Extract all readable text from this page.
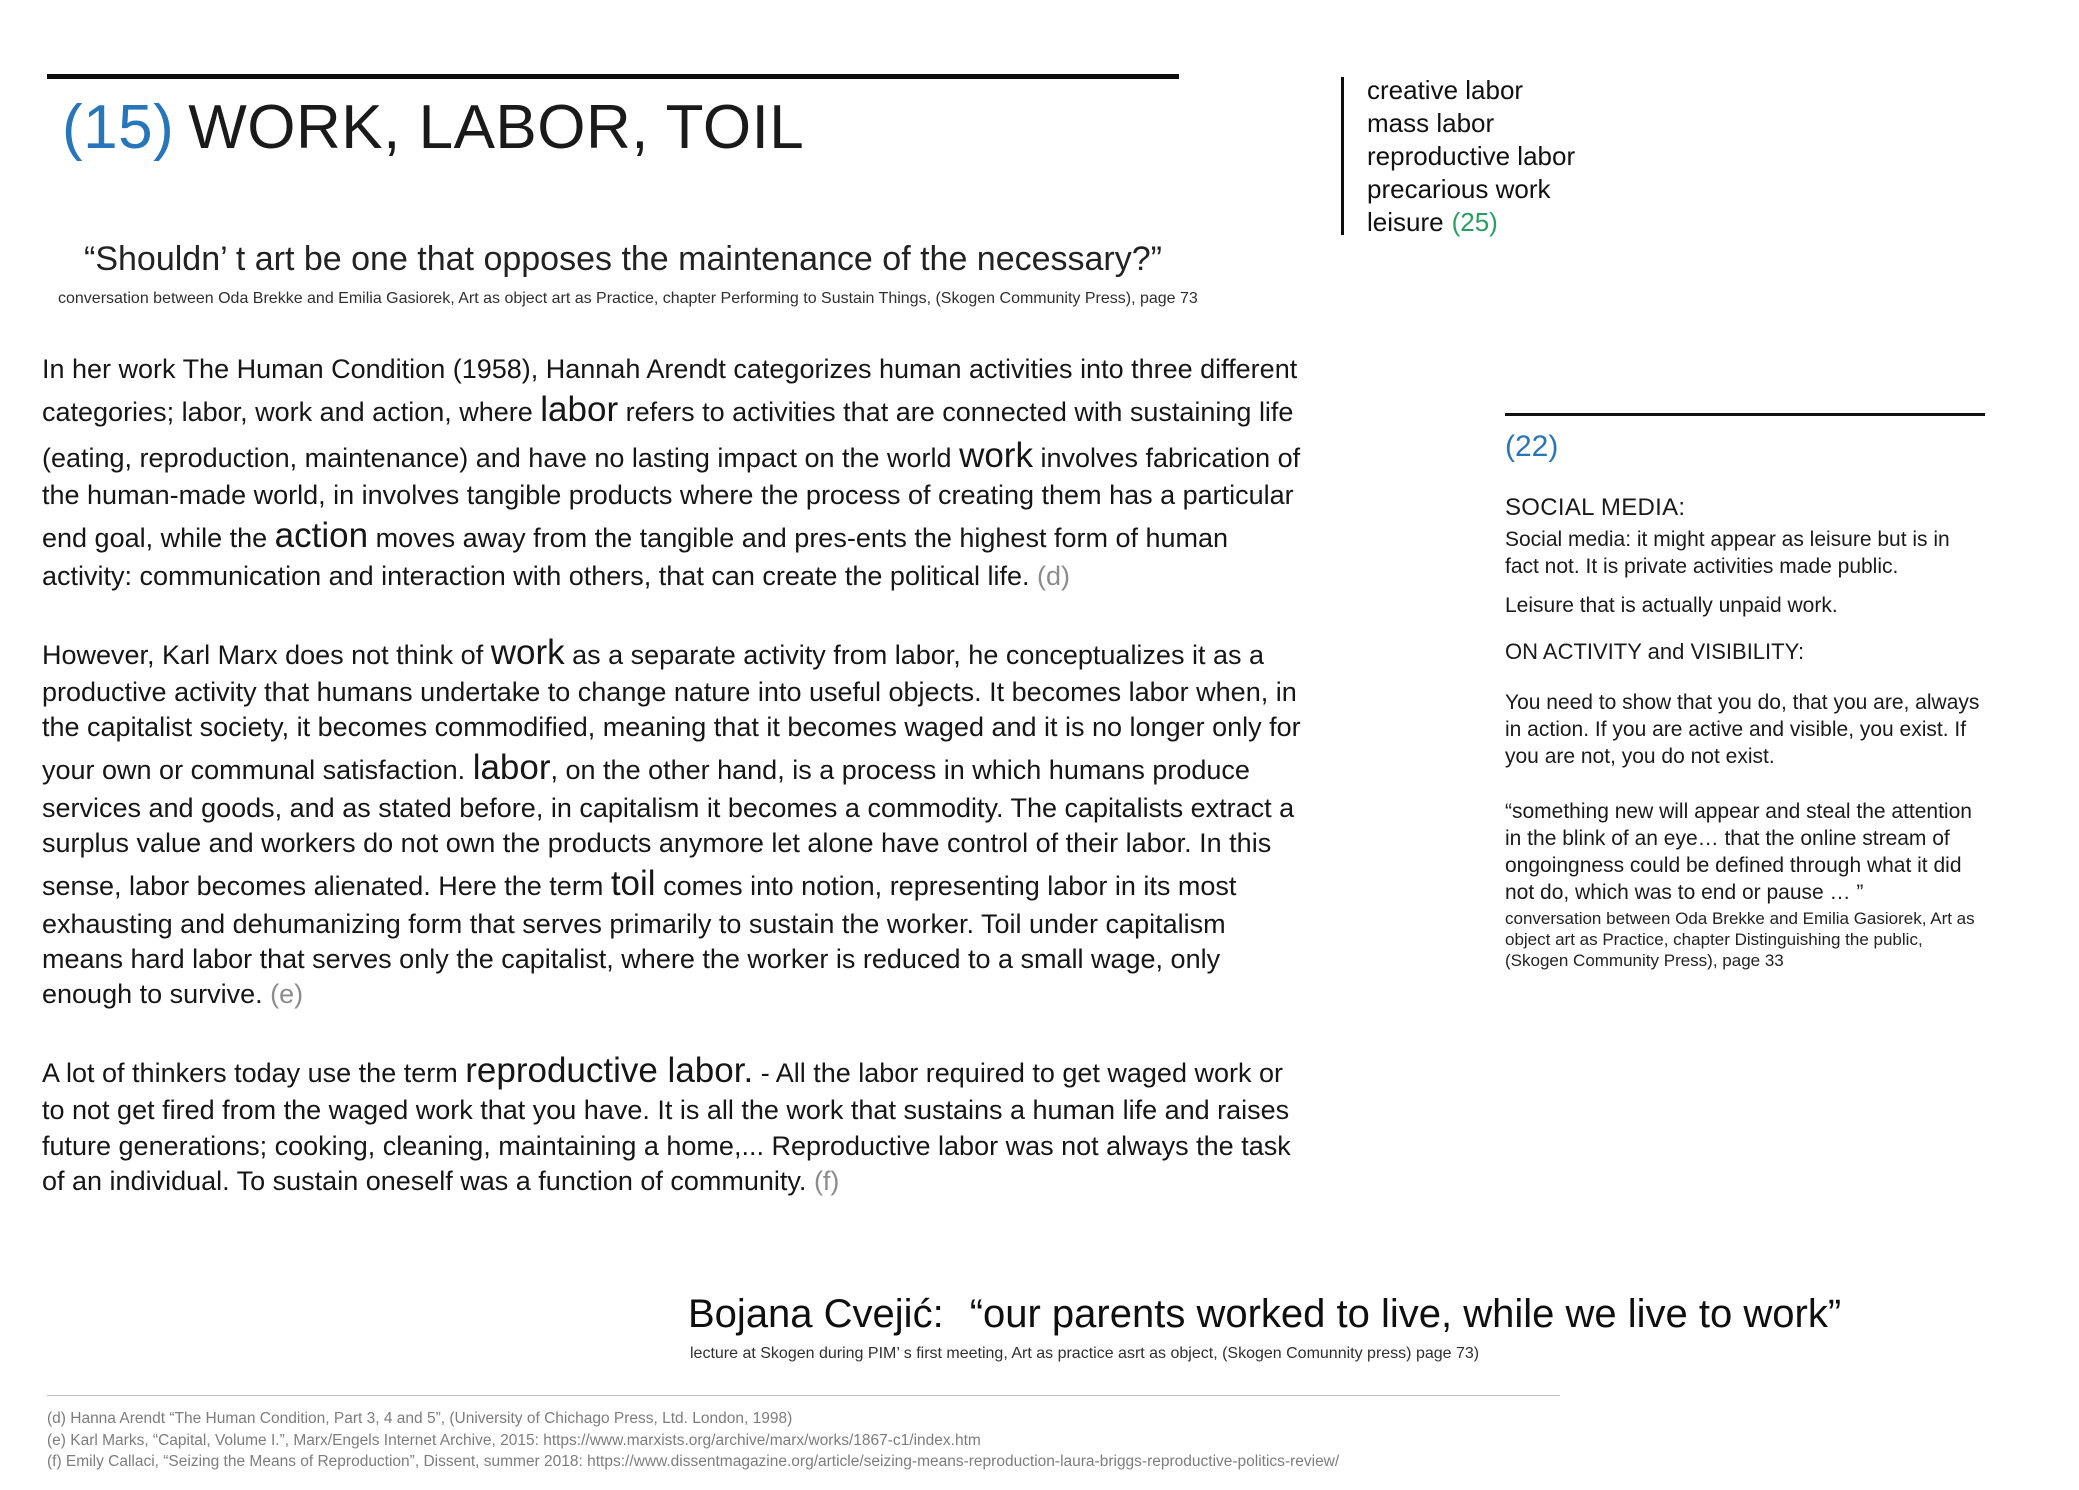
(15) WORK, LABOR, TOIL
“Shouldn’ t art be one that opposes the maintenance of the necessary?”
conversation between Oda Brekke and Emilia Gasiorek, Art as object art as Practice, chapter Performing to Sustain Things, (Skogen Community Press), page 73
creative labor
mass labor
reproductive labor
precarious work
leisure (25)

In her work The Human Condition (1958), Hannah Arendt categorizes human activities into three different categories; labor, work and action, where labor refers to activities that are connected with sustaining life (eating, reproduction, maintenance) and have no lasting impact on the world work involves fabrication of the human-made world, in involves tangible products where the process of creating them has a particular end goal, while the action moves away from the tangible and pres-ents the highest form of human activity: communication and interaction with others, that can create the political life. (d)

However, Karl Marx does not think of work as a separate activity from labor, he conceptualizes it as a productive activity that humans undertake to change nature into useful objects. It becomes labor when, in the capitalist society, it becomes commodified, meaning that it becomes waged and it is no longer only for your own or communal satisfaction. labor, on the other hand, is a process in which humans produce services and goods, and as stated before, in capitalism it becomes a commodity. The capitalists extract a surplus value and workers do not own the products anymore let alone have control of their labor. In this sense, labor becomes alienated. Here the term toil comes into notion, representing labor in its most exhausting and dehumanizing form that serves primarily to sustain the worker. Toil under capitalism means hard labor that serves only the capitalist, where the worker is reduced to a small wage, only enough to survive. (e)

A lot of thinkers today use the term reproductive labor. - All the labor required to get waged work or to not get fired from the waged work that you have. It is all the work that sustains a human life and raises future generations; cooking, cleaning, maintaining a home,... Reproductive labor was not always the task of an individual. To sustain oneself was a function of community. (f)

(22)
SOCIAL MEDIA:
Social media: it might appear as leisure but is in fact not. It is private activities made public.
Leisure that is actually unpaid work.
ON ACTIVITY and VISIBILITY:
You need to show that you do, that you are, always in action. If you are active and visible, you exist. If you are not, you do not exist.
“something new will appear and steal the attention in the blink of an eye… that the online stream of ongoingness could be defined through what it did not do, which was to end or pause … ”
conversation between Oda Brekke and Emilia Gasiorek, Art as object art as Practice, chapter Distinguishing the public, (Skogen Community Press), page 33
Bojana Cvejić: “our parents worked to live, while we live to work”
lecture at Skogen during PIM’ s first meeting, Art as practice asrt as object, (Skogen Comunnity press) page 73)
(d) Hanna Arendt “The Human Condition, Part 3, 4 and 5”, (University of Chichago Press, Ltd. London, 1998)
(e) Karl Marks, “Capital, Volume I.”, Marx/Engels Internet Archive, 2015: https://www.marxists.org/archive/marx/works/1867-c1/index.htm
(f) Emily Callaci, “Seizing the Means of Reproduction”, Dissent, summer 2018: https://www.dissentmagazine.org/article/seizing-means-reproduction-laura-briggs-reproductive-politics-review/
